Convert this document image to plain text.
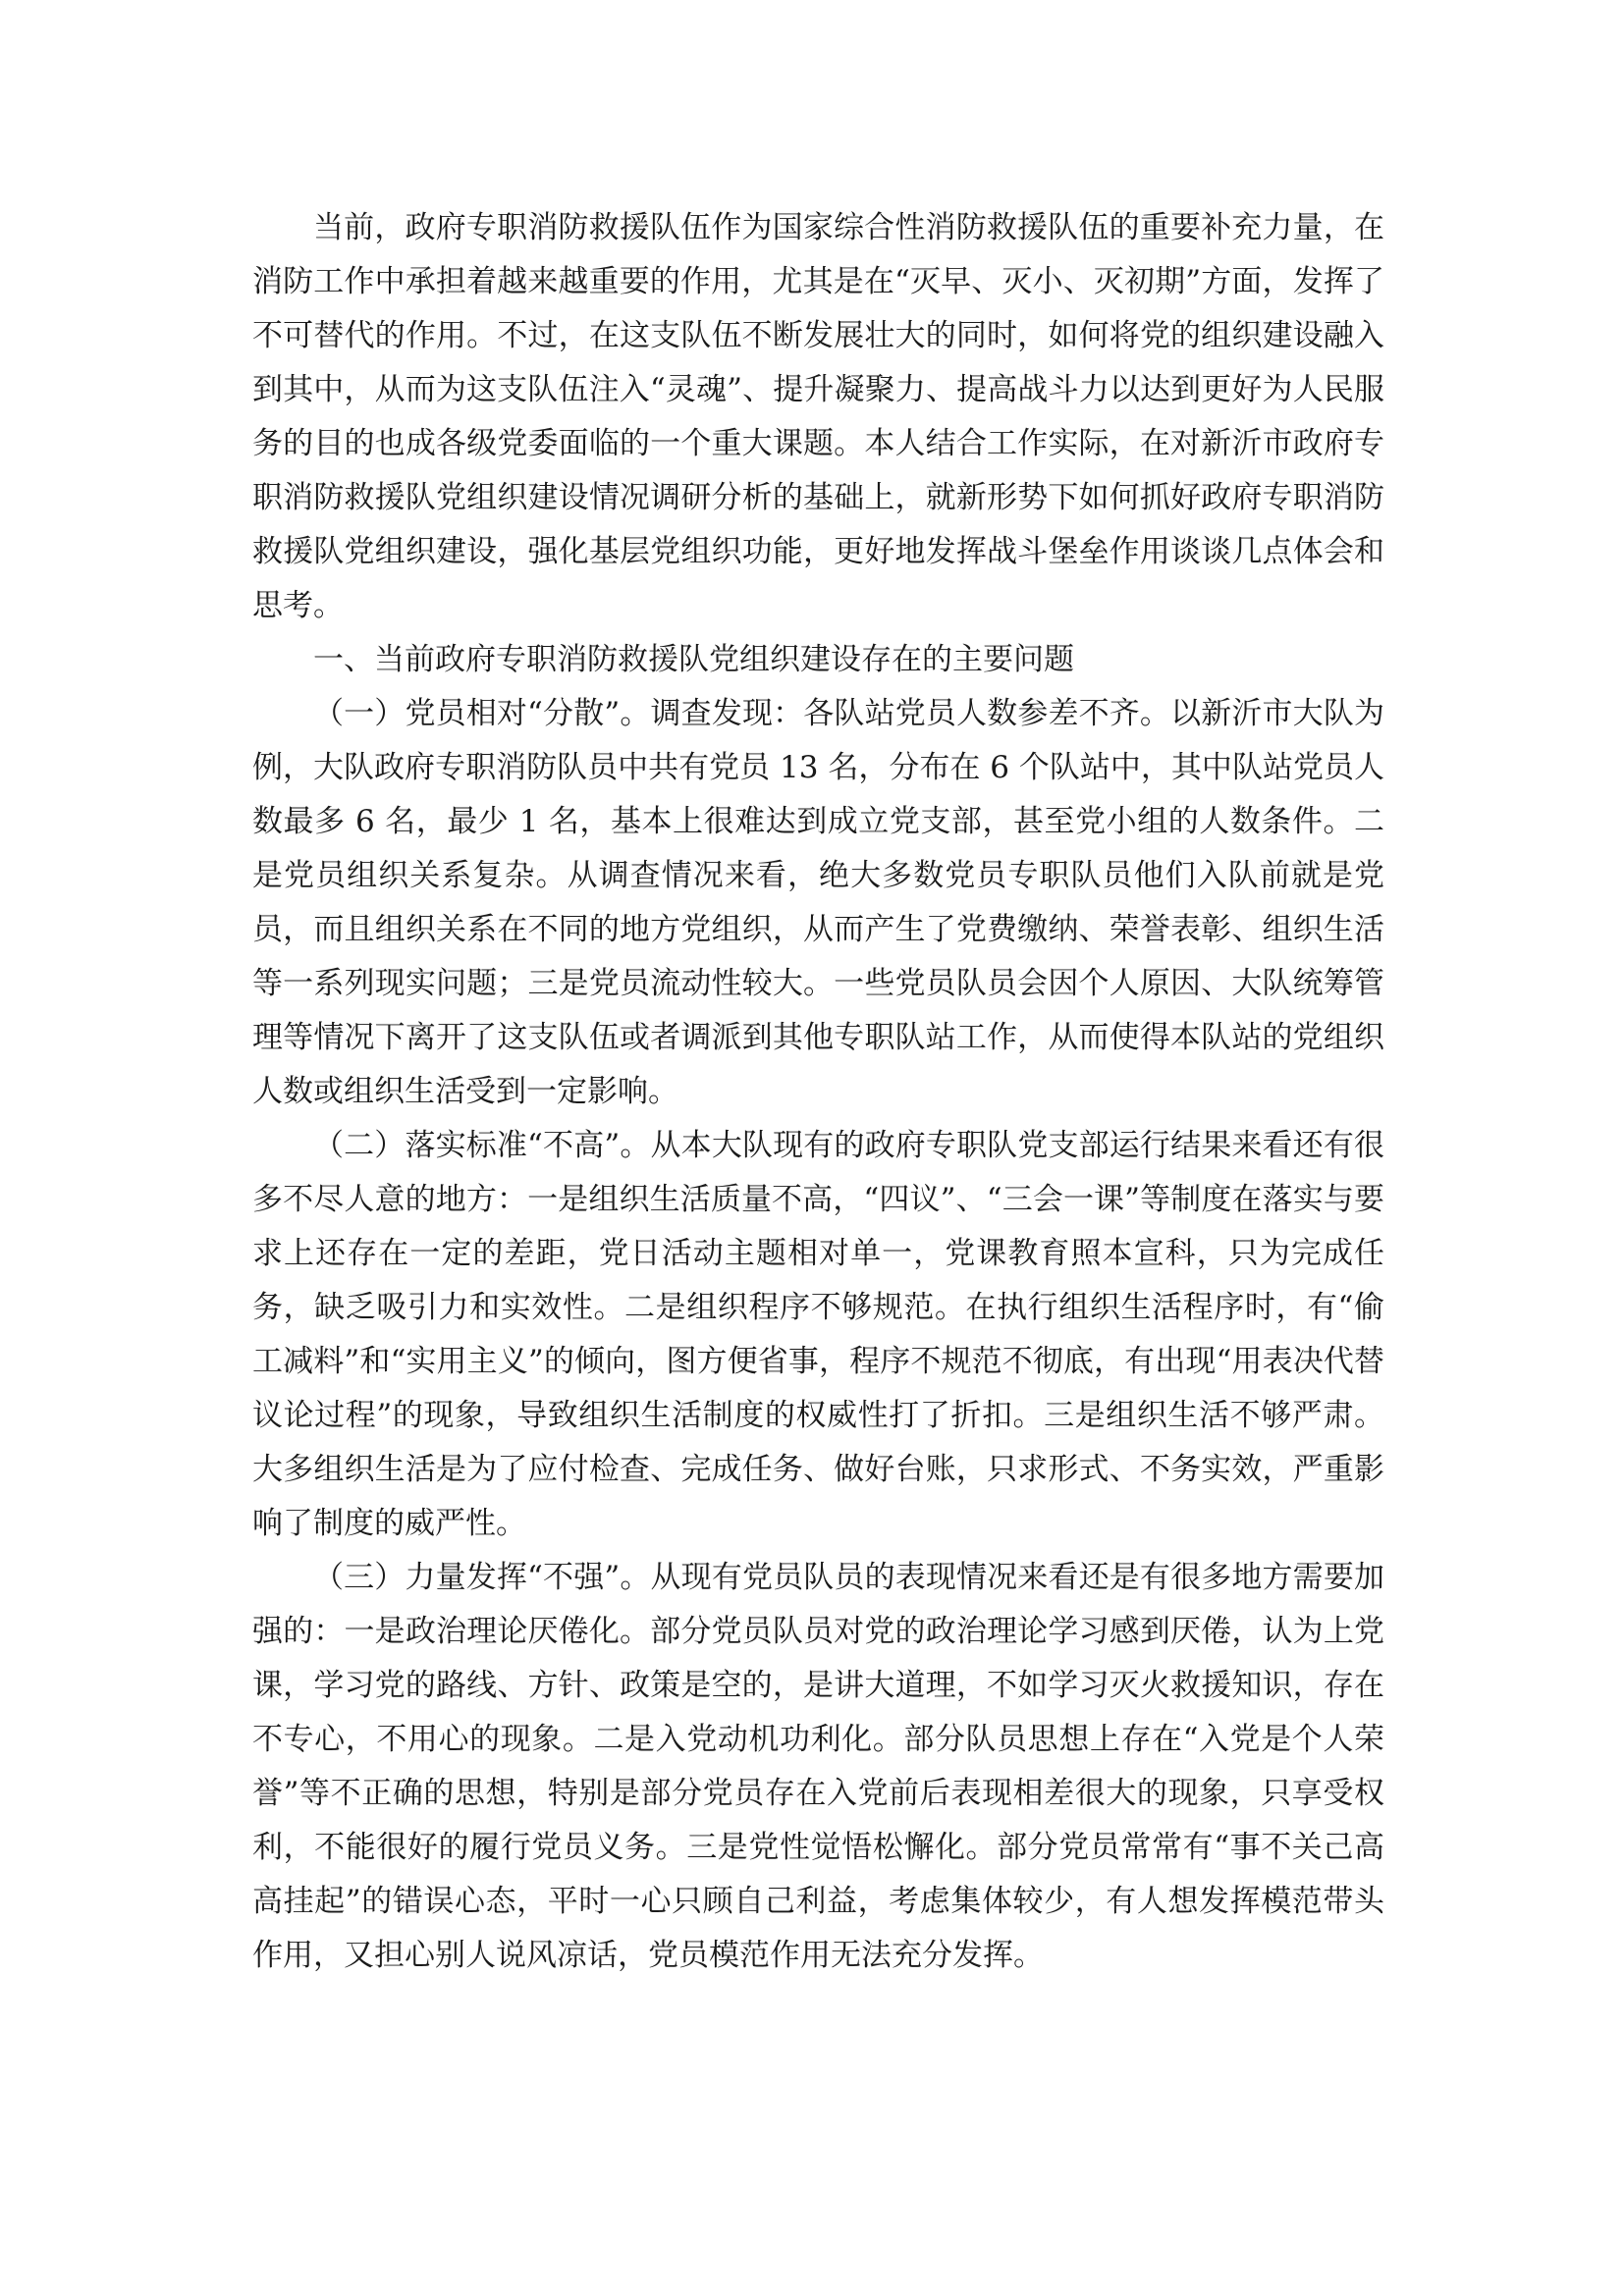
当前，政府专职消防救援队伍作为国家综合性消防救援队伍的重要补充力量，在消防工作中承担着越来越重要的作用，尤其是在“灭早、灭小、灭初期”方面，发挥了不可替代的作用。不过，在这支队伍不断发展壮大的同时，如何将党的组织建设融入到其中，从而为这支队伍注入“灵魂”、提升凝聚力、提高战斗力以达到更好为人民服务的目的也成各级党委面临的一个重大课题。本人结合工作实际，在对新沂市政府专职消防救援队党组织建设情况调研分析的基础上，就新形势下如何抓好政府专职消防救援队党组织建设，强化基层党组织功能，更好地发挥战斗堡垒作用谈谈几点体会和思考。

一、当前政府专职消防救援队党组织建设存在的主要问题

（一）党员相对“分散”。调查发现：各队站党员人数参差不齐。以新沂市大队为例，大队政府专职消防队员中共有党员 13 名，分布在 6 个队站中，其中队站党员人数最多 6 名，最少 1 名，基本上很难达到成立党支部，甚至党小组的人数条件。二是党员组织关系复杂。从调查情况来看，绝大多数党员专职队员他们入队前就是党员，而且组织关系在不同的地方党组织，从而产生了党费缴纳、荣誉表彰、组织生活等一系列现实问题；三是党员流动性较大。一些党员队员会因个人原因、大队统筹管理等情况下离开了这支队伍或者调派到其他专职队站工作，从而使得本队站的党组织人数或组织生活受到一定影响。

（二）落实标准“不高”。从本大队现有的政府专职队党支部运行结果来看还有很多不尽人意的地方：一是组织生活质量不高，“四议”、“三会一课”等制度在落实与要求上还存在一定的差距，党日活动主题相对单一，党课教育照本宣科，只为完成任务，缺乏吸引力和实效性。二是组织程序不够规范。在执行组织生活程序时，有“偷工减料”和“实用主义”的倾向，图方便省事，程序不规范不彻底，有出现“用表决代替议论过程”的现象，导致组织生活制度的权威性打了折扣。三是组织生活不够严肃。大多组织生活是为了应付检查、完成任务、做好台账，只求形式、不务实效，严重影响了制度的威严性。

（三）力量发挥“不强”。从现有党员队员的表现情况来看还是有很多地方需要加强的：一是政治理论厌倦化。部分党员队员对党的政治理论学习感到厌倦，认为上党课，学习党的路线、方针、政策是空的，是讲大道理，不如学习灭火救援知识，存在不专心，不用心的现象。二是入党动机功利化。部分队员思想上存在“入党是个人荣誉”等不正确的思想，特别是部分党员存在入党前后表现相差很大的现象，只享受权利，不能很好的履行党员义务。三是党性觉悟松懈化。部分党员常常有“事不关己高高挂起”的错误心态，平时一心只顾自己利益，考虑集体较少，有人想发挥模范带头作用，又担心别人说风凉话，党员模范作用无法充分发挥。
